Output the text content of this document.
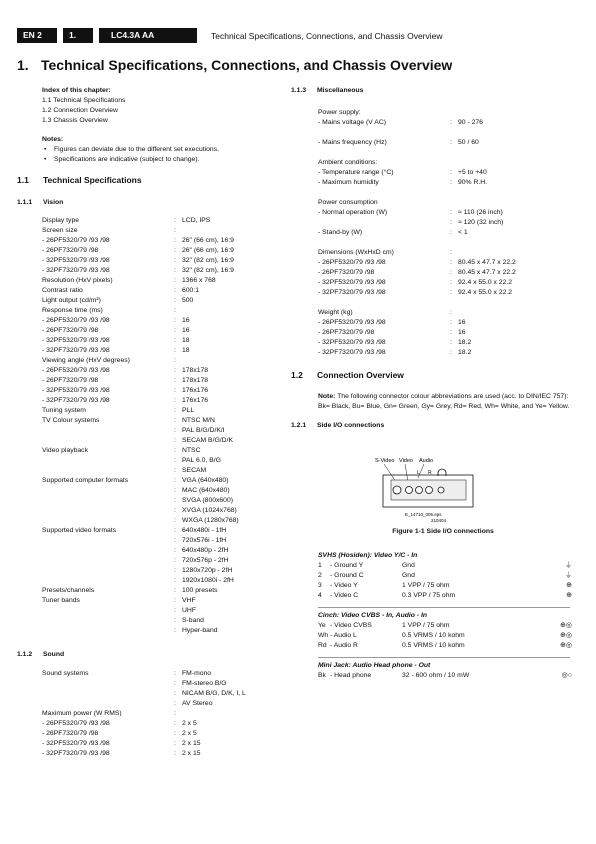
EN 2	1.	LC4.3A AA	Technical Specifications, Connections, and Chassis Overview
1. Technical Specifications, Connections, and Chassis Overview
Index of this chapter:
1.1 Technical Specifications
1.2 Connection Overview
1.3 Chassis Overview
Notes:
• Figures can deviate due to the different set executions.
• Specifications are indicative (subject to change).
1.1	Technical Specifications
1.1.1	Vision
Display type	: LCD, IPS
Screen size	:
- 26PF5320/79 /93 /98	: 26" (66 cm), 16:9
- 26PF7320/79 /98	: 26" (66 cm), 16:9
- 32PF5320/79 /93 /98	: 32" (82 cm), 16:9
- 32PF7320/79 /93 /98	: 32" (82 cm), 16:9
Resolution (HxV pixels)	: 1366 x 768
Contrast ratio	: 600:1
Light output (cd/m²)	: 500
Response time (ms)	:
- 26PF5320/79 /93 /98	: 16
- 26PF7320/79 /98	: 16
- 32PF5320/79 /93 /98	: 18
- 32PF7320/79 /93 /98	: 18
Viewing angle (HxV degrees)	:
- 26PF5320/79 /93 /98	: 178x178
- 26PF7320/79 /98	: 178x178
- 32PF5320/79 /93 /98	: 176x176
- 32PF7320/79 /93 /98	: 176x176
Tuning system	: PLL
TV Colour systems	: NTSC M/N
: PAL B/G/D/K/I
: SECAM B/G/D/K
Video playback	: NTSC
: PAL 6.0, B/G
: SECAM
Supported computer formats	: VGA (640x480)
: MAC (640x480)
: SVGA (800x600)
: XVGA (1024x768)
: WXGA (1280x768)
Supported video formats	: 640x480i - 1fH
: 720x576i - 1fH
: 640x480p - 2fH
: 720x576p - 2fH
: 1280x720p - 2fH
: 1920x1080i - 2fH
Presets/channels	: 100 presets
Tuner bands	: VHF
: UHF
: S-band
: Hyper-band
1.1.2	Sound
Sound systems	: FM-mono
: FM-stereo B/G
: NICAM B/G, D/K, I, L
: AV Stereo
Maximum power (W RMS)	:
- 26PF5320/79 /93 /98	: 2 x 5
- 26PF7320/79 /98	: 2 x 5
- 32PF5320/79 /93 /98	: 2 x 15
- 32PF7320/79 /93 /98	: 2 x 15
1.1.3	Miscellaneous
Power supply:
- Mains voltage (V AC)	: 90 - 276
- Mains frequency (Hz)	: 50 / 60
Ambient conditions:
- Temperature range (°C)	: +5 to +40
- Maximum humidity	: 90% R.H.
Power consumption
- Normal operation (W)	: ≈ 110 (26 inch)
: ≈ 120 (32 inch)
- Stand-by (W)	: < 1
Dimensions (WxHxD cm)	:
- 26PF5320/79 /93 /98	: 80.45 x 47.7 x 22.2
- 26PF7320/79 /98	: 80.45 x 47.7 x 22.2
- 32PF5320/79 /93 /98	: 92.4 x 55.0 x 22.2
- 32PF7320/79 /93 /98	: 92.4 x 55.0 x 22.2
Weight (kg)	:
- 26PF5320/79 /93 /98	: 16
- 26PF7320/79 /98	: 16
- 32PF5320/79 /93 /98	: 18.2
- 32PF7320/79 /93 /98	: 18.2
1.2	Connection Overview
Note: The following connector colour abbreviations are used (acc. to DIN/IEC 757): Bk= Black, Bu= Blue, Gn= Green, Gy= Grey, Rd= Red, Wh= White, and Ye= Yellow.
1.2.1	Side I/O connections
S-Video Video Audio
L R
E_14710_005.eps
210404
Figure 1-1 Side I/O connections
SVHS (Hosiden): Video Y/C - In
1	- Ground Y	Gnd	⏚
2	- Ground C	Gnd	⏚
3	- Video Y	1 VPP / 75 ohm	⊕
4	- Video C	0.3 VPP / 75 ohm	⊕
Cinch: Video CVBS - In, Audio - In
Ye - Video CVBS	1 VPP / 75 ohm	⊕◎
Wh - Audio L	0.5 VRMS / 10 kohm	⊕◎
Rd - Audio R	0.5 VRMS / 10 kohm	⊕◎
Mini Jack: Audio Head phone - Out
Bk - Head phone	32 - 600 ohm / 10 mW	◎○
